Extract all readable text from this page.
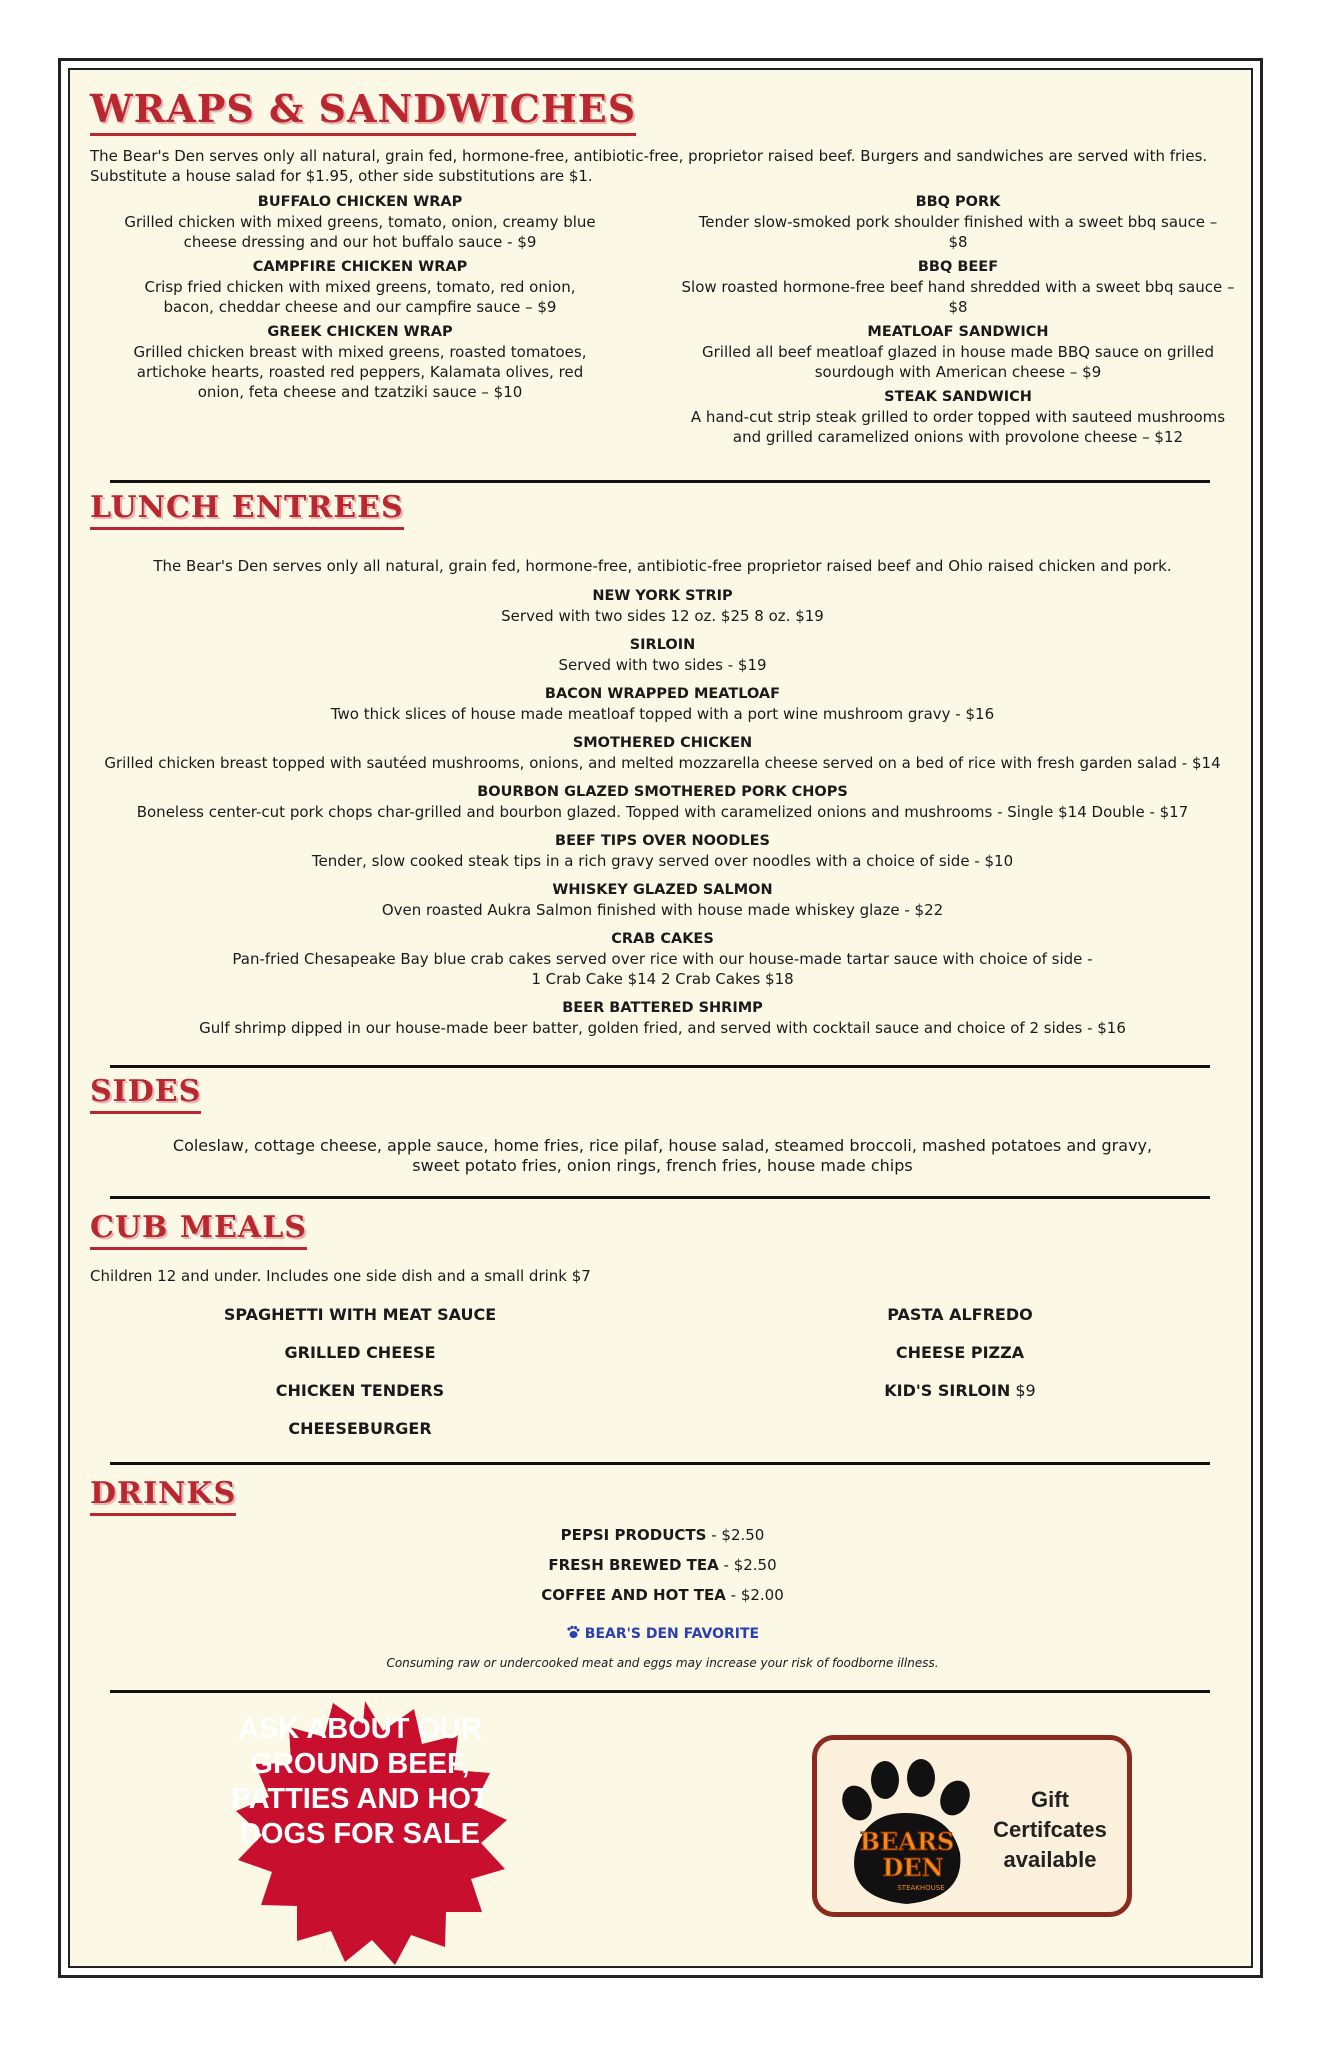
WRAPS & SANDWICHES
The Bear's Den serves only all natural, grain fed, hormone-free, antibiotic-free, proprietor raised beef. Burgers and sandwiches are served with fries.
Substitute a house salad for $1.95, other side substitutions are $1.
BUFFALO CHICKEN WRAP
Grilled chicken with mixed greens, tomato, onion, creamy blue cheese dressing and our hot buffalo sauce - $9
CAMPFIRE CHICKEN WRAP
Crisp fried chicken with mixed greens, tomato, red onion, bacon, cheddar cheese and our campfire sauce – $9
GREEK CHICKEN WRAP
Grilled chicken breast with mixed greens, roasted tomatoes, artichoke hearts, roasted red peppers, Kalamata olives, red onion, feta cheese and tzatziki sauce – $10
BBQ PORK
Tender slow-smoked pork shoulder finished with a sweet bbq sauce – $8
BBQ BEEF
Slow roasted hormone-free beef hand shredded with a sweet bbq sauce – $8
MEATLOAF SANDWICH
Grilled all beef meatloaf glazed in house made BBQ sauce on grilled sourdough with American cheese – $9
STEAK SANDWICH
A hand-cut strip steak grilled to order topped with sauteed mushrooms and grilled caramelized onions with provolone cheese – $12
LUNCH ENTREES
The Bear's Den serves only all natural, grain fed, hormone-free, antibiotic-free proprietor raised beef and Ohio raised chicken and pork.
NEW YORK STRIP
Served with two sides 12 oz. $25 8 oz. $19
SIRLOIN
Served with two sides - $19
BACON WRAPPED MEATLOAF
Two thick slices of house made meatloaf topped with a port wine mushroom gravy - $16
SMOTHERED CHICKEN
Grilled chicken breast topped with sautéed mushrooms, onions, and melted mozzarella cheese served on a bed of rice with fresh garden salad - $14
BOURBON GLAZED SMOTHERED PORK CHOPS
Boneless center-cut pork chops char-grilled and bourbon glazed. Topped with caramelized onions and mushrooms - Single $14 Double - $17
BEEF TIPS OVER NOODLES
Tender, slow cooked steak tips in a rich gravy served over noodles with a choice of side - $10
WHISKEY GLAZED SALMON
Oven roasted Aukra Salmon finished with house made whiskey glaze - $22
CRAB CAKES
Pan-fried Chesapeake Bay blue crab cakes served over rice with our house-made tartar sauce with choice of side -
1 Crab Cake $14 2 Crab Cakes $18
BEER BATTERED SHRIMP
Gulf shrimp dipped in our house-made beer batter, golden fried, and served with cocktail sauce and choice of 2 sides - $16
SIDES
Coleslaw, cottage cheese, apple sauce, home fries, rice pilaf, house salad, steamed broccoli, mashed potatoes and gravy,
sweet potato fries, onion rings, french fries, house made chips
CUB MEALS
Children 12 and under. Includes one side dish and a small drink $7
SPAGHETTI WITH MEAT SAUCE
GRILLED CHEESE
CHICKEN TENDERS
CHEESEBURGER
PASTA ALFREDO
CHEESE PIZZA
KID'S SIRLOIN $9
DRINKS
PEPSI PRODUCTS - $2.50
FRESH BREWED TEA - $2.50
COFFEE AND HOT TEA - $2.00
BEAR'S DEN FAVORITE
Consuming raw or undercooked meat and eggs may increase your risk of foodborne illness.
ASK ABOUT OUR GROUND BEEF, PATTIES AND HOT DOGS FOR SALE	BEARS
DEN
STEAKHOUSE
Gift Certifcates available
